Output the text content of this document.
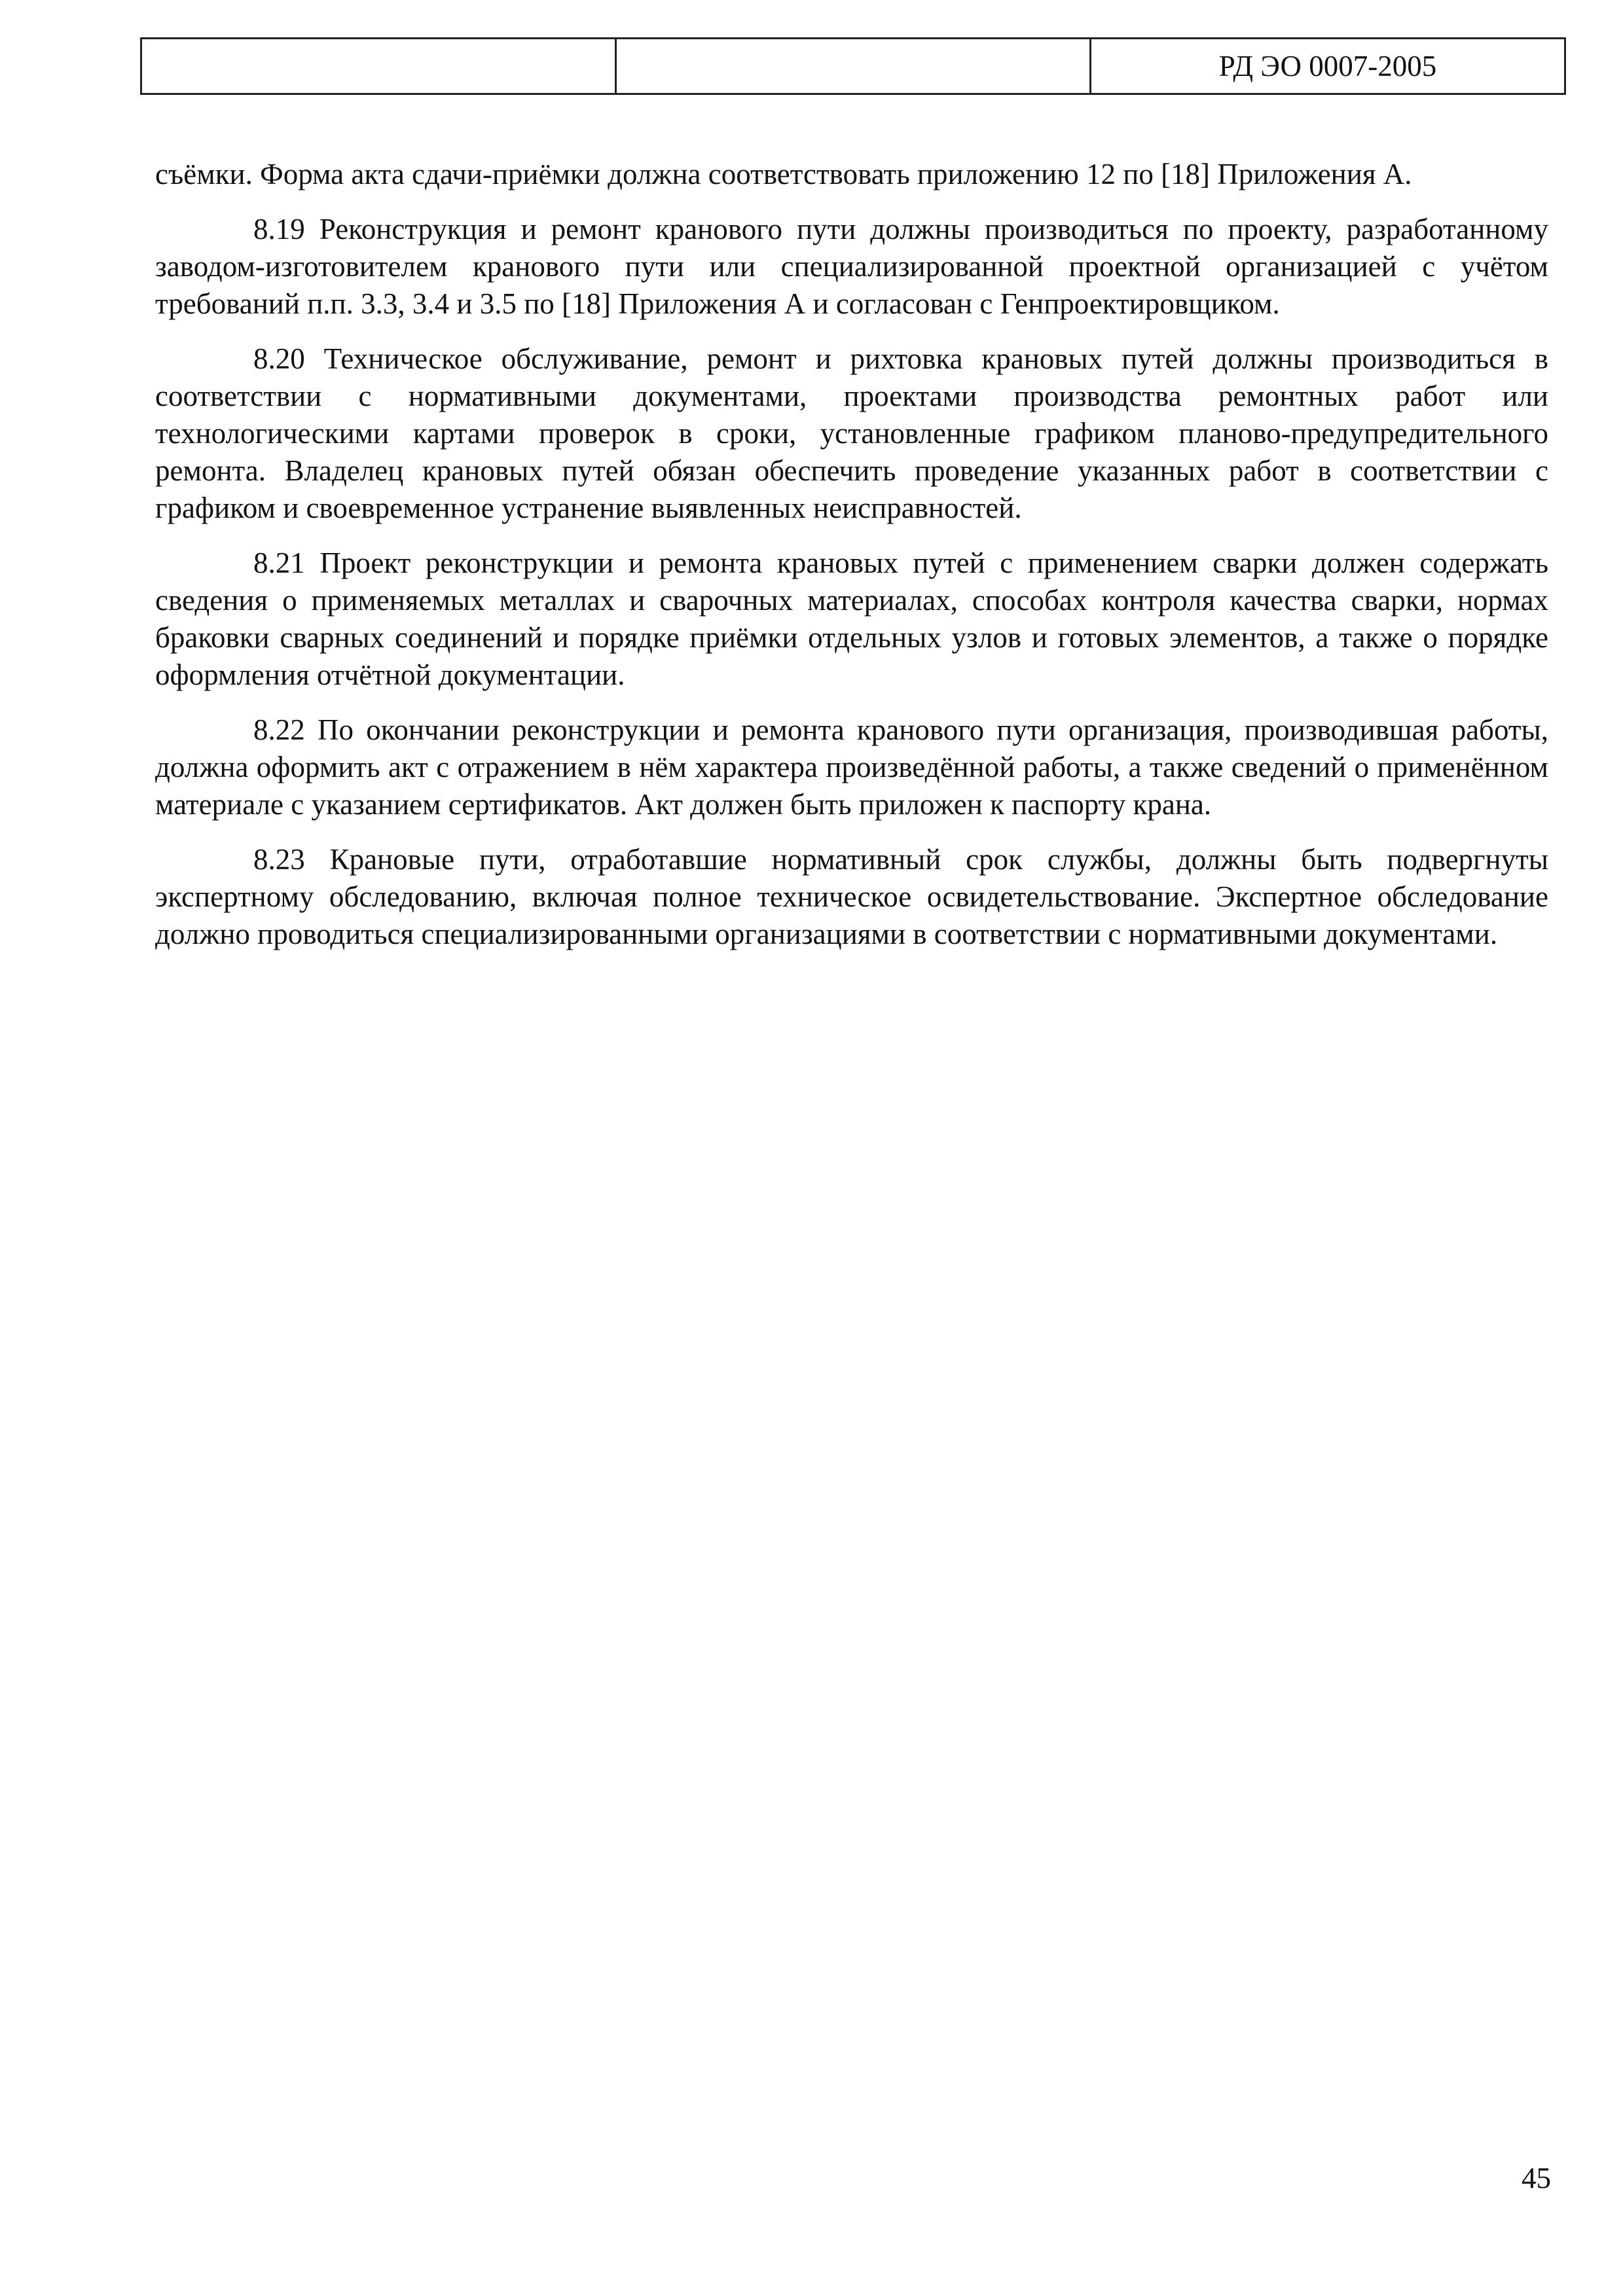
		РД ЭО 0007-2005

съёмки. Форма акта сдачи-приёмки должна соответствовать приложению 12 по [18] Приложения А.

8.19 Реконструкция и ремонт кранового пути должны производиться по проекту, разработанному заводом-изготовителем кранового пути или специализированной проектной организацией с учётом требований п.п. 3.3, 3.4 и 3.5 по [18] Приложения А и согласован с Генпроектировщиком.

8.20 Техническое обслуживание, ремонт и рихтовка крановых путей должны производиться в соответствии с нормативными документами, проектами производства ремонтных работ или технологическими картами проверок в сроки, установленные графиком планово-предупредительного ремонта. Владелец крановых путей обязан обеспечить проведение указанных работ в соответствии с графиком и своевременное устранение выявленных неисправностей.

8.21 Проект реконструкции и ремонта крановых путей с применением сварки должен содержать сведения о применяемых металлах и сварочных материалах, способах контроля качества сварки, нормах браковки сварных соединений и порядке приёмки отдельных узлов и готовых элементов, а также о порядке оформления отчётной документации.

8.22 По окончании реконструкции и ремонта кранового пути организация, производившая работы, должна оформить акт с отражением в нём характера произведённой работы, а также сведений о применённом материале с указанием сертификатов. Акт должен быть приложен к паспорту крана.

8.23 Крановые пути, отработавшие нормативный срок службы, должны быть подвергнуты экспертному обследованию, включая полное техническое освидетельствование. Экспертное обследование должно проводиться специализированными организациями в соответствии с нормативными документами.

45
